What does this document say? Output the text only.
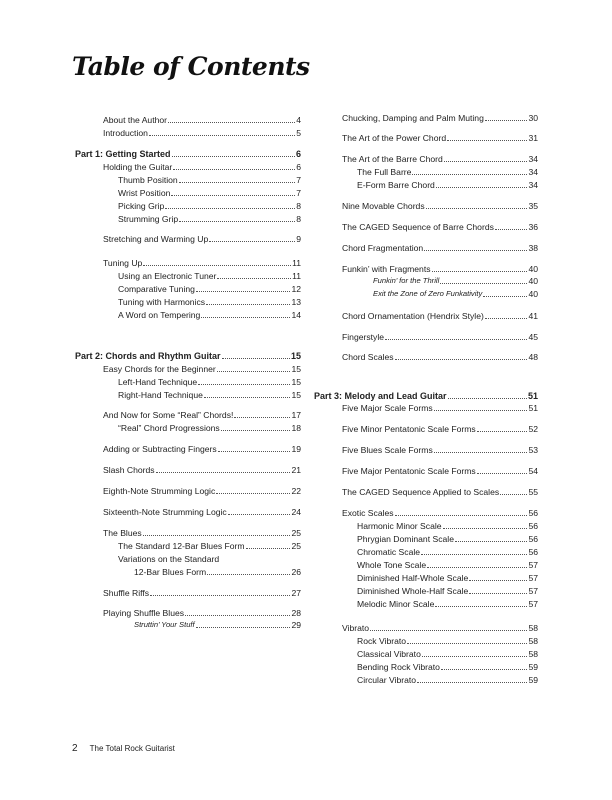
Table of Contents
About the Author	4
Introduction	5
Part 1: Getting Started	6
Holding the Guitar	6
Thumb Position	7
Wrist Position	7
Picking Grip	8
Strumming Grip	8
Stretching and Warming Up	9
Tuning Up	11
Using an Electronic Tuner	11
Comparative Tuning	12
Tuning with Harmonics	13
A Word on Tempering	14
Part 2: Chords and Rhythm Guitar	15
Easy Chords for the Beginner	15
Left-Hand Technique	15
Right-Hand Technique	15
And Now for Some “Real” Chords!	17
“Real” Chord Progressions	18
Adding or Subtracting Fingers	19
Slash Chords	21
Eighth-Note Strumming Logic	22
Sixteenth-Note Strumming Logic	24
The Blues	25
The Standard 12-Bar Blues Form	25
Variations on the Standard
12-Bar Blues Form	26
Shuffle Riffs	27
Playing Shuffle Blues	28
Struttin’ Your Stuff	29
Chucking, Damping and Palm Muting	30
The Art of the Power Chord	31
The Art of the Barre Chord	34
The Full Barre	34
E-Form Barre Chord	34
Nine Movable Chords	35
The CAGED Sequence of Barre Chords	36
Chord Fragmentation	38
Funkin’ with Fragments	40
Funkin’ for the Thrill	40
Exit the Zone of Zero Funkativity	40
Chord Ornamentation (Hendrix Style)	41
Fingerstyle	45
Chord Scales	48
Part 3: Melody and Lead Guitar	51
Five Major Scale Forms	51
Five Minor Pentatonic Scale Forms	52
Five Blues Scale Forms	53
Five Major Pentatonic Scale Forms	54
The CAGED Sequence Applied to Scales	55
Exotic Scales	56
Harmonic Minor Scale	56
Phrygian Dominant Scale	56
Chromatic Scale	56
Whole Tone Scale	57
Diminished Half-Whole Scale	57
Diminished Whole-Half Scale	57
Melodic Minor Scale	57
Vibrato	58
Rock Vibrato	58
Classical Vibrato	58
Bending Rock Vibrato	59
Circular Vibrato	59
2 The Total Rock Guitarist
